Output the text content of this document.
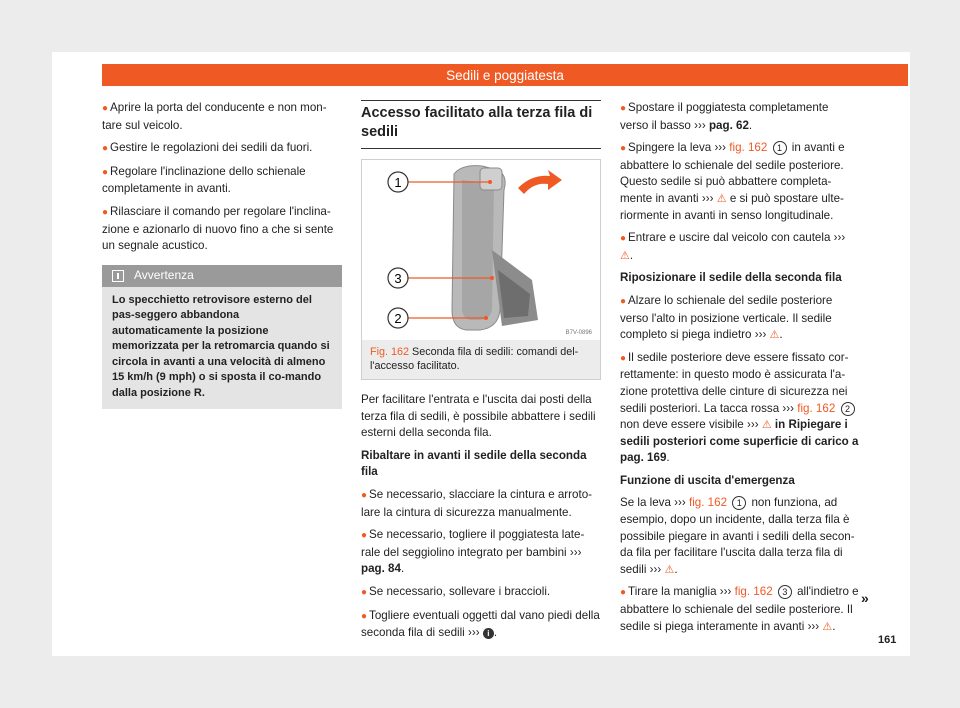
Sedili e poggiatesta

● Aprire la porta del conducente e non mon-tare sul veicolo.

● Gestire le regolazioni dei sedili da fuori.

● Regolare l'inclinazione dello schienale completamente in avanti.

● Rilasciare il comando per regolare l'inclina-zione e azionarlo di nuovo fino a che si sente un segnale acustico.

Avvertenza
Lo specchietto retrovisore esterno del pas-seggero abbandona automaticamente la posizione memorizzata per la retromarcia quando si circola in avanti a una velocità di almeno 15 km/h (9 mph) o si sposta il co-mando dalla posizione R.
Accesso facilitato alla terza fila di sedili
1
3
2
B7V-0896
Fig. 162 Seconda fila di sedili: comandi del-l'accesso facilitato.

Per facilitare l'entrata e l'uscita dai posti della terza fila di sedili, è possibile abbattere i sedili esterni della seconda fila.

Ribaltare in avanti il sedile della seconda fila

● Se necessario, slacciare la cintura e arroto-lare la cintura di sicurezza manualmente.

● Se necessario, togliere il poggiatesta late-rale del seggiolino integrato per bambini ››› pag. 84.

● Se necessario, sollevare i braccioli.

● Togliere eventuali oggetti dal vano piedi della seconda fila di sedili ››› i .

● Spostare il poggiatesta completamente verso il basso ››› pag. 62.

● Spingere la leva ››› fig. 162 1 in avanti e abbattere lo schienale del sedile posteriore. Questo sedile si può abbattere completa-mente in avanti ››› ⚠ e si può spostare ulte-riormente in avanti in senso longitudinale.

● Entrare e uscire dal veicolo con cautela ››› ⚠.

Riposizionare il sedile della seconda fila

● Alzare lo schienale del sedile posteriore verso l'alto in posizione verticale. Il sedile completo si piega indietro ››› ⚠.

● Il sedile posteriore deve essere fissato cor-rettamente: in questo modo è assicurata l'a-zione protettiva delle cinture di sicurezza nei sedili posteriori. La tacca rossa ››› fig. 162 2 non deve essere visibile ››› ⚠ in Ripiegare i sedili posteriori come superficie di carico a pag. 169.

Funzione di uscita d'emergenza

Se la leva ››› fig. 162 1 non funziona, ad esempio, dopo un incidente, dalla terza fila è possibile piegare in avanti i sedili della secon-da fila per facilitare l'uscita dalla terza fila di sedili ››› ⚠.

● Tirare la maniglia ››› fig. 162 3 all'indietro e abbattere lo schienale del sedile posteriore. Il sedile si piega interamente in avanti ››› ⚠.

»
161
